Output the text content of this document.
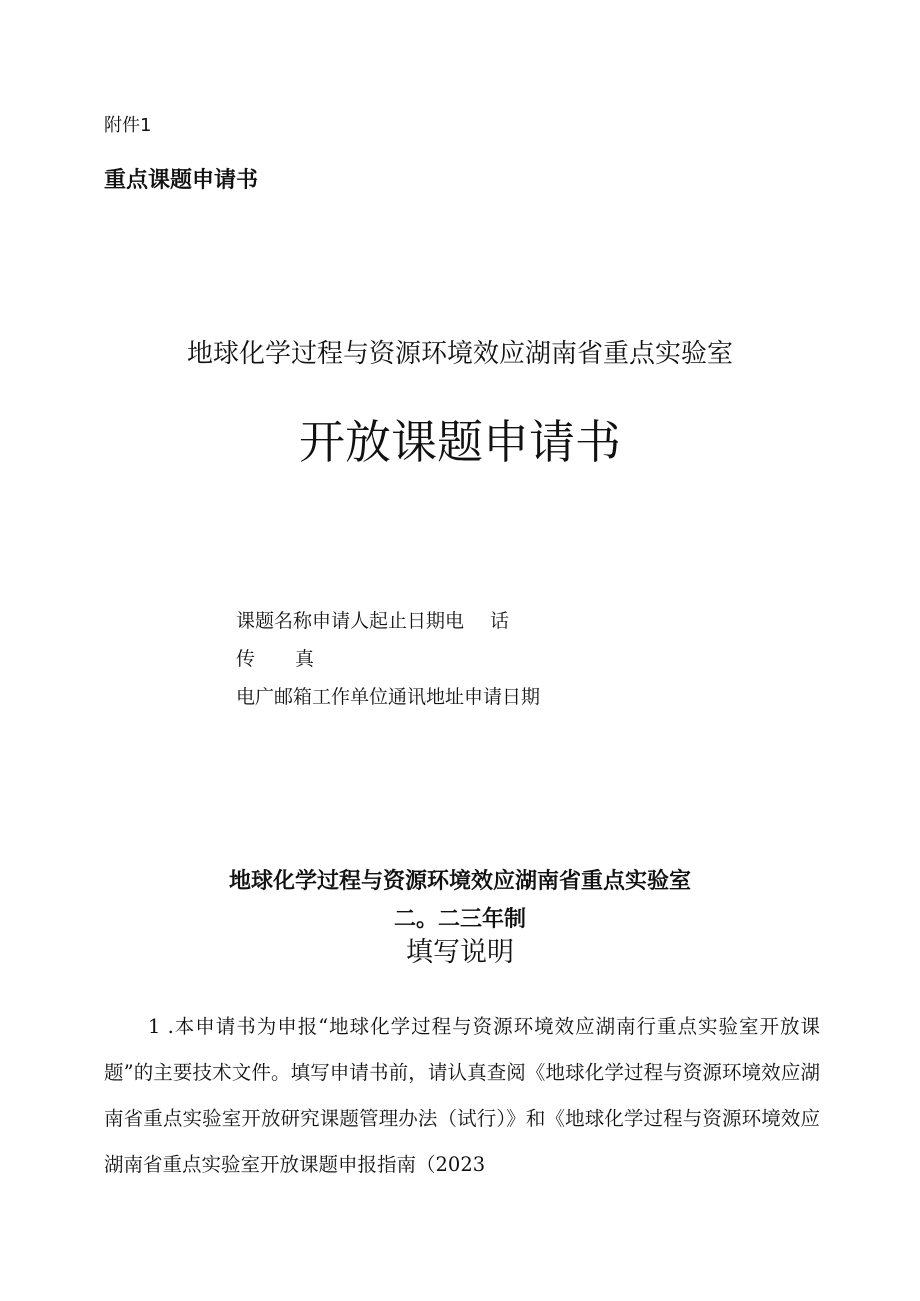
附件1
重点课题申请书
地球化学过程与资源环境效应湖南省重点实验室
开放课题申请书
课题名称申请人起止日期电 话
传 真
电广邮箱工作单位通讯地址申请日期
地球化学过程与资源环境效应湖南省重点实验室
二。二三年制
填写说明

1 .本申请书为申报“地球化学过程与资源环境效应湖南行重点实验室开放课题”的主要技术文件。填写申请书前，请认真查阅《地球化学过程与资源环境效应湖南省重点实验室开放研究课题管理办法（试行）》和《地球化学过程与资源环境效应湖南省重点实验室开放课题申报指南（2023
